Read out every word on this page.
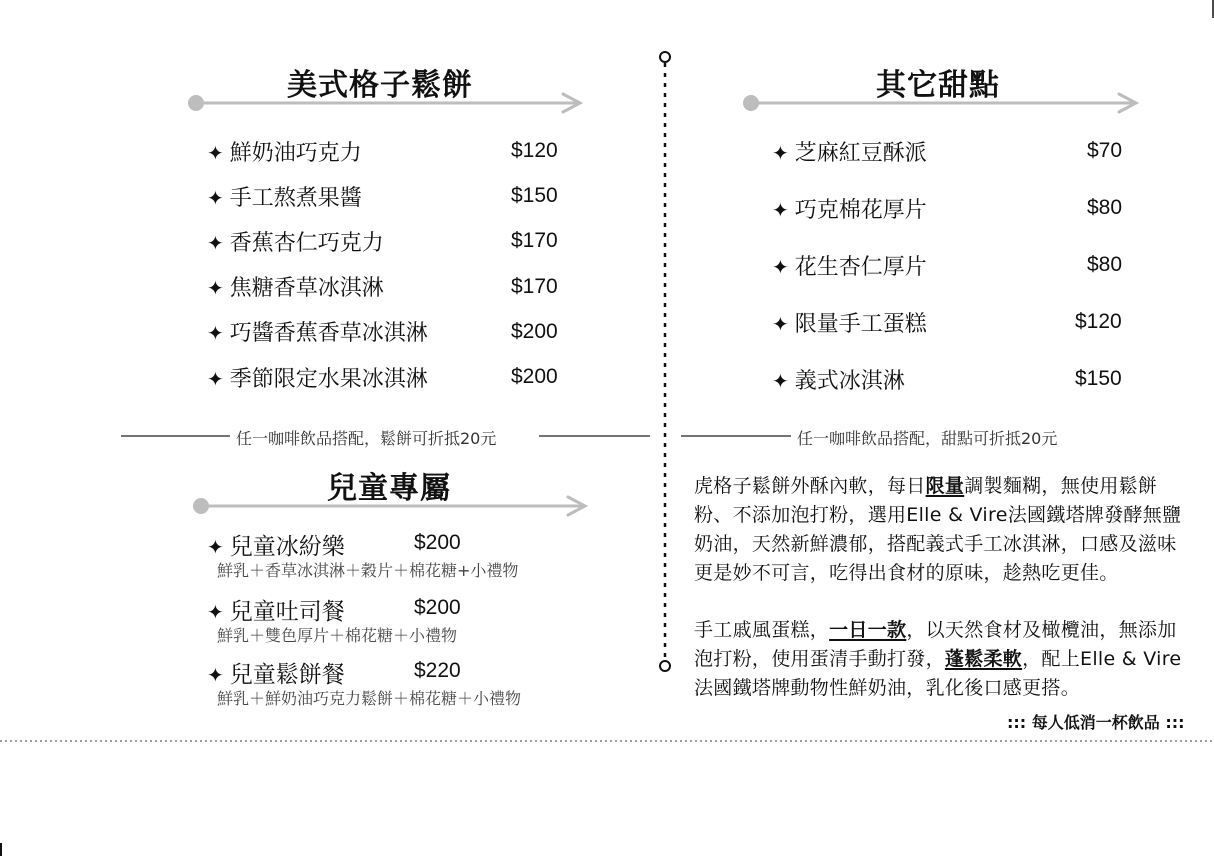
美式格子鬆餅
✦ 鮮奶油巧克力	$120
✦ 手工熬煮果醬	$150
✦ 香蕉杏仁巧克力	$170
✦ 焦糖香草冰淇淋	$170
✦ 巧醬香蕉香草冰淇淋	$200
✦ 季節限定水果冰淇淋	$200
任一咖啡飲品搭配，鬆餅可折抵20元
其它甜點
✦ 芝麻紅豆酥派	$70
✦ 巧克棉花厚片	$80
✦ 花生杏仁厚片	$80
✦ 限量手工蛋糕	$120
✦ 義式冰淇淋	$150
任一咖啡飲品搭配，甜點可折抵20元
兒童專屬
✦ 兒童冰紛樂	$200
鮮乳＋香草冰淇淋＋穀片＋棉花糖+小禮物
✦ 兒童吐司餐	$200
鮮乳＋雙色厚片＋棉花糖＋小禮物
✦ 兒童鬆餅餐	$220
鮮乳＋鮮奶油巧克力鬆餅＋棉花糖＋小禮物
虎格子鬆餅外酥內軟，每日限量調製麵糊，無使用鬆餅粉、不添加泡打粉，選用Elle & Vire法國鐵塔牌發酵無鹽奶油，天然新鮮濃郁，搭配義式手工冰淇淋，口感及滋味更是妙不可言，吃得出食材的原味，趁熱吃更佳。
手工戚風蛋糕，一日一款，以天然食材及橄欖油，無添加泡打粉，使用蛋清手動打發，蓬鬆柔軟，配上Elle & Vire法國鐵塔牌動物性鮮奶油，乳化後口感更搭。
::: 每人低消一杯飲品 :::
